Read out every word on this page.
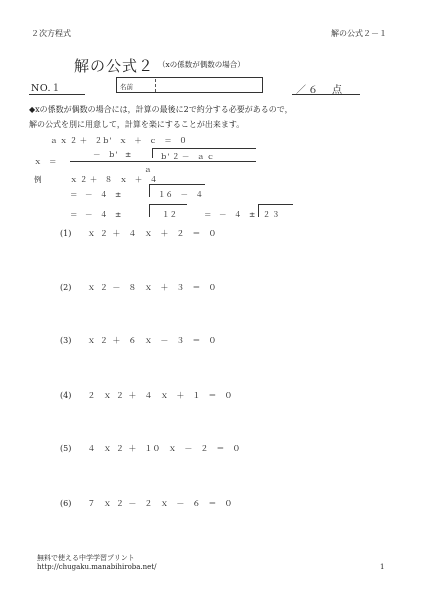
２次方程式	解の公式２－１
解の公式２ （xの係数が偶数の場合）
NO.１	名前	／６　点
◆xの係数が偶数の場合には，計算の最後に2で約分する必要があるので，
解の公式を別に用意して，計算を楽にすることが出来ます。
ａ ｘ ２ ＋　２ｂ'　ｘ　＋　ｃ　＝　０
ｘ　＝
－　ｂ'　±	ｂ' ２ －　ａ ｃ
ａ
例	ｘ ２ ＋　８　ｘ　＋　４
＝　－　４　±	１６　－　４
＝　－　４　±	１２	＝　－　４　±　２ ３
(1)　　 ｘ ２ ＋　４　ｘ　＋　２　＝　０
(2)　　 ｘ ２ －　８　ｘ　＋　３　＝　０
(3)　　 ｘ ２ ＋　６　ｘ　－　３　＝　０
(4)　　 ２　ｘ ２ ＋　４　ｘ　＋　１　＝　０
(5)　　 ４　ｘ ２ ＋　１０　ｘ　－　２　＝　０
(6)　　 ７　ｘ ２ －　２　ｘ　－　６　＝　０
無料で使える中学学習プリント
http://chugaku.manabihiroba.net/	1
